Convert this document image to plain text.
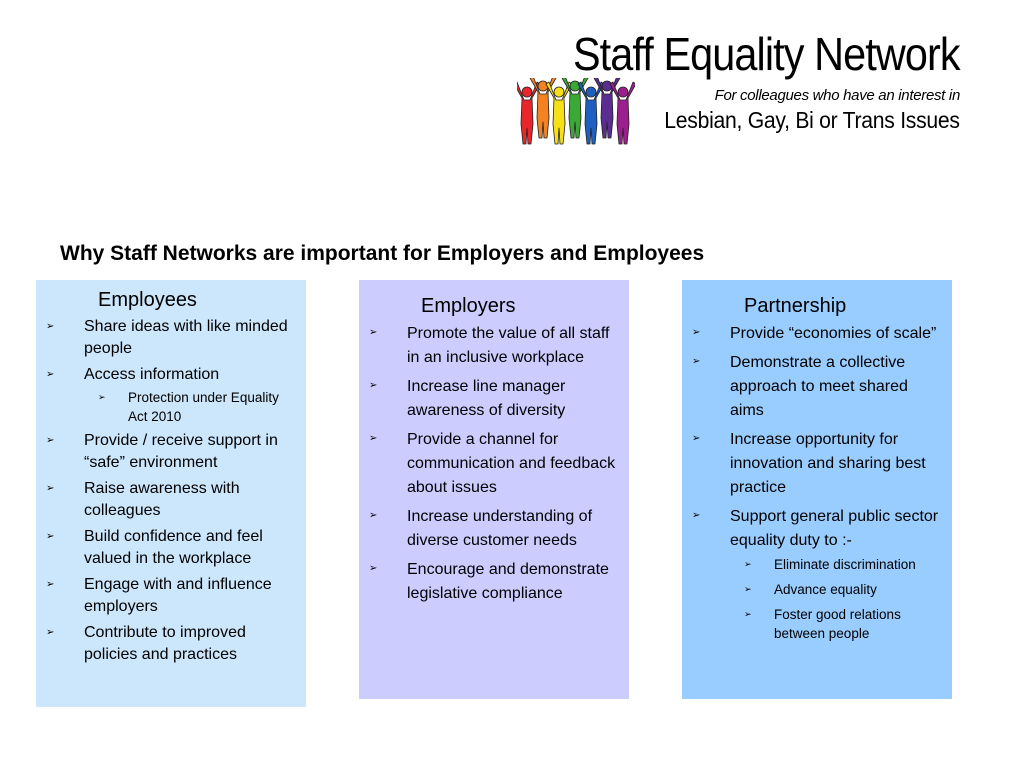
Staff Equality Network
For colleagues who have an interest in
Lesbian, Gay, Bi or Trans Issues
Why Staff Networks are important for Employers and Employees
Employees
➢ Share ideas with like minded people
➢ Access information
➢ Protection under Equality Act 2010
➢ Provide / receive support in “safe” environment
➢ Raise awareness with colleagues
➢ Build confidence and feel valued in the workplace
➢ Engage with and influence employers
➢ Contribute to improved policies and practices
Employers
➢ Promote the value of all staff in an inclusive workplace
➢ Increase line manager awareness of diversity
➢ Provide a channel for communication and feedback about issues
➢ Increase understanding of diverse customer needs
➢ Encourage and demonstrate legislative compliance
Partnership
➢ Provide “economies of scale”
➢ Demonstrate a collective approach to meet shared aims
➢ Increase opportunity for innovation and sharing best practice
➢ Support general public sector equality duty to :-
➢ Eliminate discrimination
➢ Advance equality
➢ Foster good relations between people
